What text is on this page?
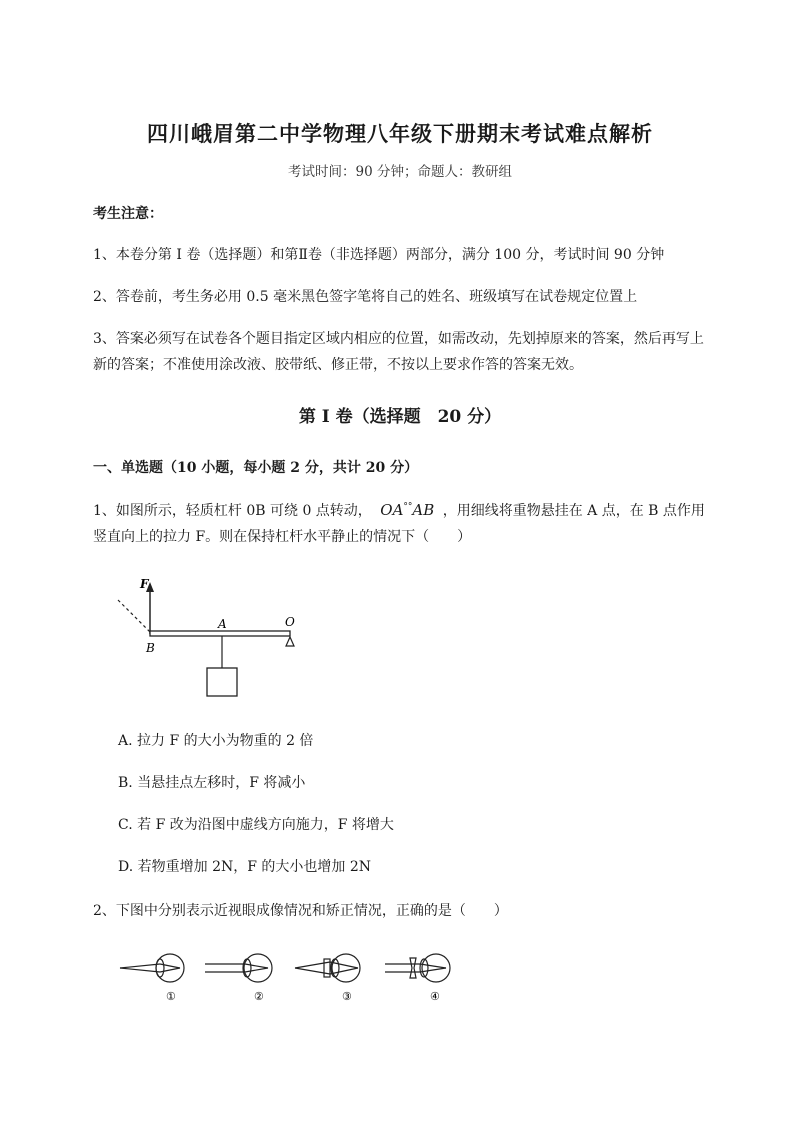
四川峨眉第二中学物理八年级下册期末考试难点解析
考试时间：90 分钟；命题人：教研组
考生注意：
1、本卷分第 I 卷（选择题）和第Ⅱ卷（非选择题）两部分，满分 100 分，考试时间 90 分钟
2、答卷前，考生务必用 0.5 毫米黑色签字笔将自己的姓名、班级填写在试卷规定位置上
3、答案必须写在试卷各个题目指定区域内相应的位置，如需改动，先划掉原来的答案，然后再写上新的答案；不准使用涂改液、胶带纸、修正带，不按以上要求作答的答案无效。
第 I 卷（选择题　20 分）
一、单选题（10 小题，每小题 2 分，共计 20 分）
1、如图所示，轻质杠杆 0B 可绕 0 点转动， OA°°AB ，用细线将重物悬挂在 A 点，在 B 点作用竖直向上的拉力 F。则在保持杠杆水平静止的情况下（　　）
F
A	O
B
A. 拉力 F 的大小为物重的 2 倍
B. 当悬挂点左移时，F 将减小
C. 若 F 改为沿图中虚线方向施力，F 将增大
D. 若物重增加 2N，F 的大小也增加 2N
2、下图中分别表示近视眼成像情况和矫正情况，正确的是（　　）
①	②	③	④
